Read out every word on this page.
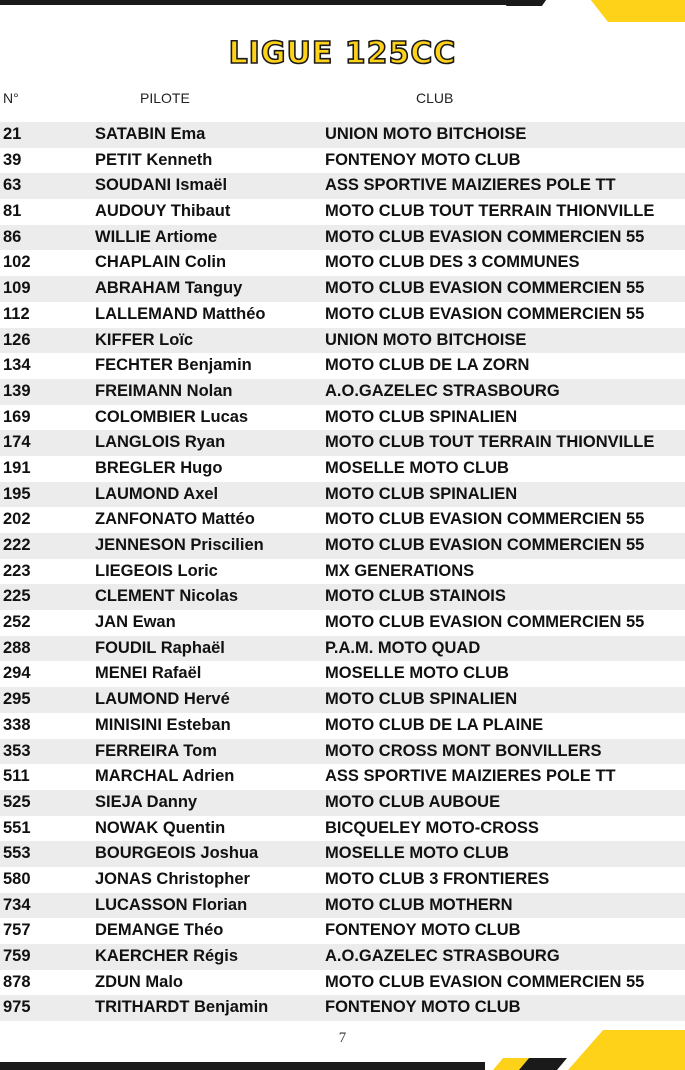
LIGUE 125CC
N°	PILOTE	CLUB
21	SATABIN Ema	UNION MOTO BITCHOISE
39	PETIT Kenneth	FONTENOY MOTO CLUB
63	SOUDANI Ismaël	ASS SPORTIVE MAIZIERES POLE TT
81	AUDOUY Thibaut	MOTO CLUB TOUT TERRAIN THIONVILLE
86	WILLIE Artiome	MOTO CLUB EVASION COMMERCIEN 55
102	CHAPLAIN Colin	MOTO CLUB DES 3 COMMUNES
109	ABRAHAM Tanguy	MOTO CLUB EVASION COMMERCIEN 55
112	LALLEMAND Matthéo	MOTO CLUB EVASION COMMERCIEN 55
126	KIFFER Loïc	UNION MOTO BITCHOISE
134	FECHTER Benjamin	MOTO CLUB DE LA ZORN
139	FREIMANN Nolan	A.O.GAZELEC STRASBOURG
169	COLOMBIER Lucas	MOTO CLUB SPINALIEN
174	LANGLOIS Ryan	MOTO CLUB TOUT TERRAIN THIONVILLE
191	BREGLER Hugo	MOSELLE MOTO CLUB
195	LAUMOND Axel	MOTO CLUB SPINALIEN
202	ZANFONATO Mattéo	MOTO CLUB EVASION COMMERCIEN 55
222	JENNESON Priscilien	MOTO CLUB EVASION COMMERCIEN 55
223	LIEGEOIS Loric	MX GENERATIONS
225	CLEMENT Nicolas	MOTO CLUB STAINOIS
252	JAN Ewan	MOTO CLUB EVASION COMMERCIEN 55
288	FOUDIL Raphaël	P.A.M. MOTO QUAD
294	MENEI Rafaël	MOSELLE MOTO CLUB
295	LAUMOND Hervé	MOTO CLUB SPINALIEN
338	MINISINI Esteban	MOTO CLUB DE LA PLAINE
353	FERREIRA Tom	MOTO CROSS MONT BONVILLERS
511	MARCHAL Adrien	ASS SPORTIVE MAIZIERES POLE TT
525	SIEJA Danny	MOTO CLUB AUBOUE
551	NOWAK Quentin	BICQUELEY MOTO-CROSS
553	BOURGEOIS Joshua	MOSELLE MOTO CLUB
580	JONAS Christopher	MOTO CLUB 3 FRONTIERES
734	LUCASSON Florian	MOTO CLUB MOTHERN
757	DEMANGE Théo	FONTENOY MOTO CLUB
759	KAERCHER Régis	A.O.GAZELEC STRASBOURG
878	ZDUN Malo	MOTO CLUB EVASION COMMERCIEN 55
975	TRITHARDT Benjamin	FONTENOY MOTO CLUB
7
